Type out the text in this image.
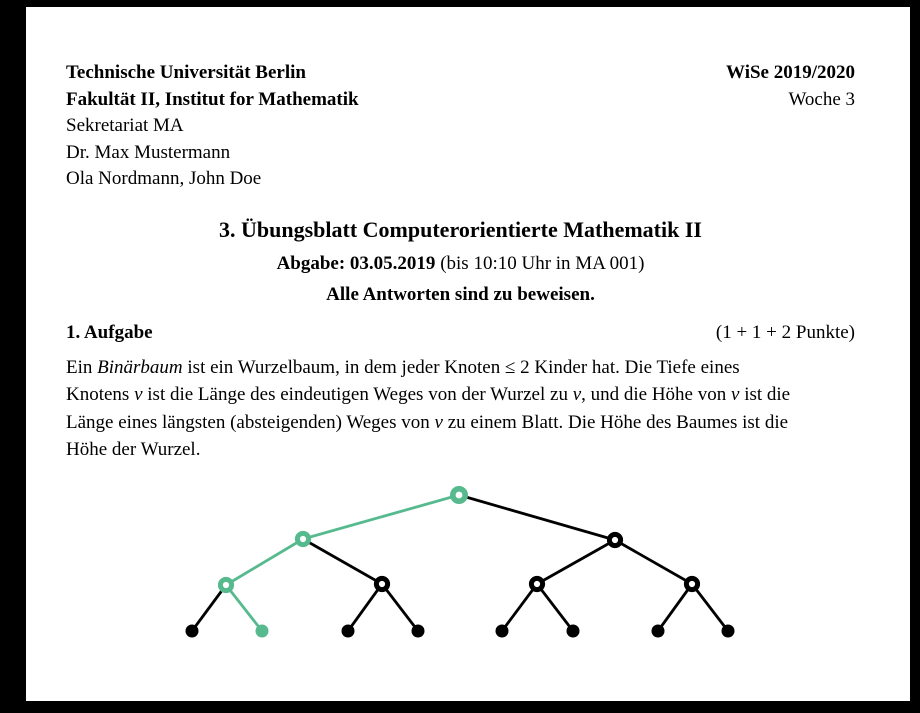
Technische Universität Berlin
Fakultät II, Institut for Mathematik
Sekretariat MA
Dr. Max Mustermann
Ola Nordmann, John Doe
WiSe 2019/2020
Woche 3
3. Übungsblatt Computerorientierte Mathematik II
Abgabe: 03.05.2019 (bis 10:10 Uhr in MA 001)
Alle Antworten sind zu beweisen.
1. Aufgabe	(1 + 1 + 2 Punkte)

Ein Binärbaum ist ein Wurzelbaum, in dem jeder Knoten ≤ 2 Kinder hat. Die Tiefe eines
Knotens v ist die Länge des eindeutigen Weges von der Wurzel zu v, und die Höhe von v ist die
Länge eines längsten (absteigenden) Weges von v zu einem Blatt. Die Höhe des Baumes ist die
Höhe der Wurzel.
